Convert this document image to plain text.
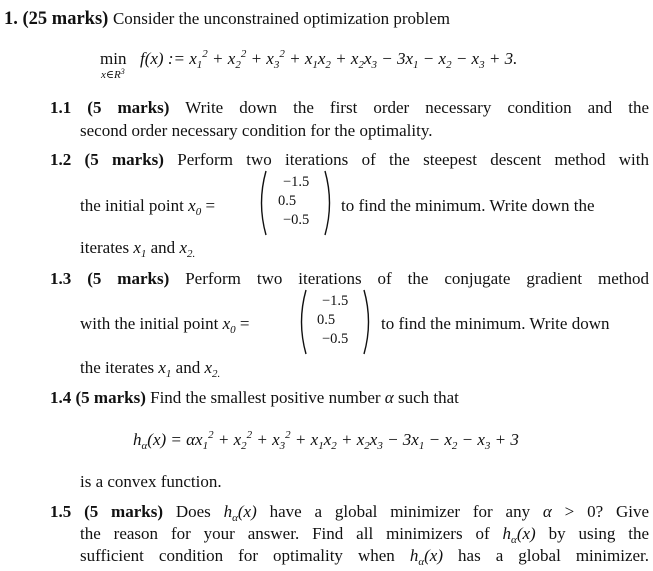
1. (25 marks) Consider the unconstrained optimization problem
min
$x\in R^3$
f(x) := $x_1^2 + x_2^2 + x_3^2 + x_1x_2 + x_2x_3 - 3x_1 - x_2 - x_3 + 3$.
1.1 (5 marks) Write down the first order necessary condition and the
second order necessary condition for the optimality.
1.2 (5 marks) Perform two iterations of the steepest descent method with
the initial point $x_0$ =
−1.5
0.5
−0.5
to find the minimum. Write down the
iterates $x_1$ and $x_{2.}$
1.3 (5 marks) Perform two iterations of the conjugate gradient method
with the initial point $x_0$ =
−1.5
0.5
−0.5
to find the minimum. Write down
the iterates $x_1$ and $x_{2.}$
1.4 (5 marks) Find the smallest positive number α such that
$h_\alpha(x) = \alpha x_1^2 + x_2^2 + x_3^2 + x_1x_2 + x_2x_3 - 3x_1 - x_2 - x_3 + 3$
is a convex function.
1.5 (5 marks) Does $h_\alpha(x)$ have a global minimizer for any α > 0? Give
the reason for your answer. Find all minimizers of $h_\alpha(x)$ by using the
sufficient condition for optimality when $h_\alpha(x)$ has a global minimizer.
